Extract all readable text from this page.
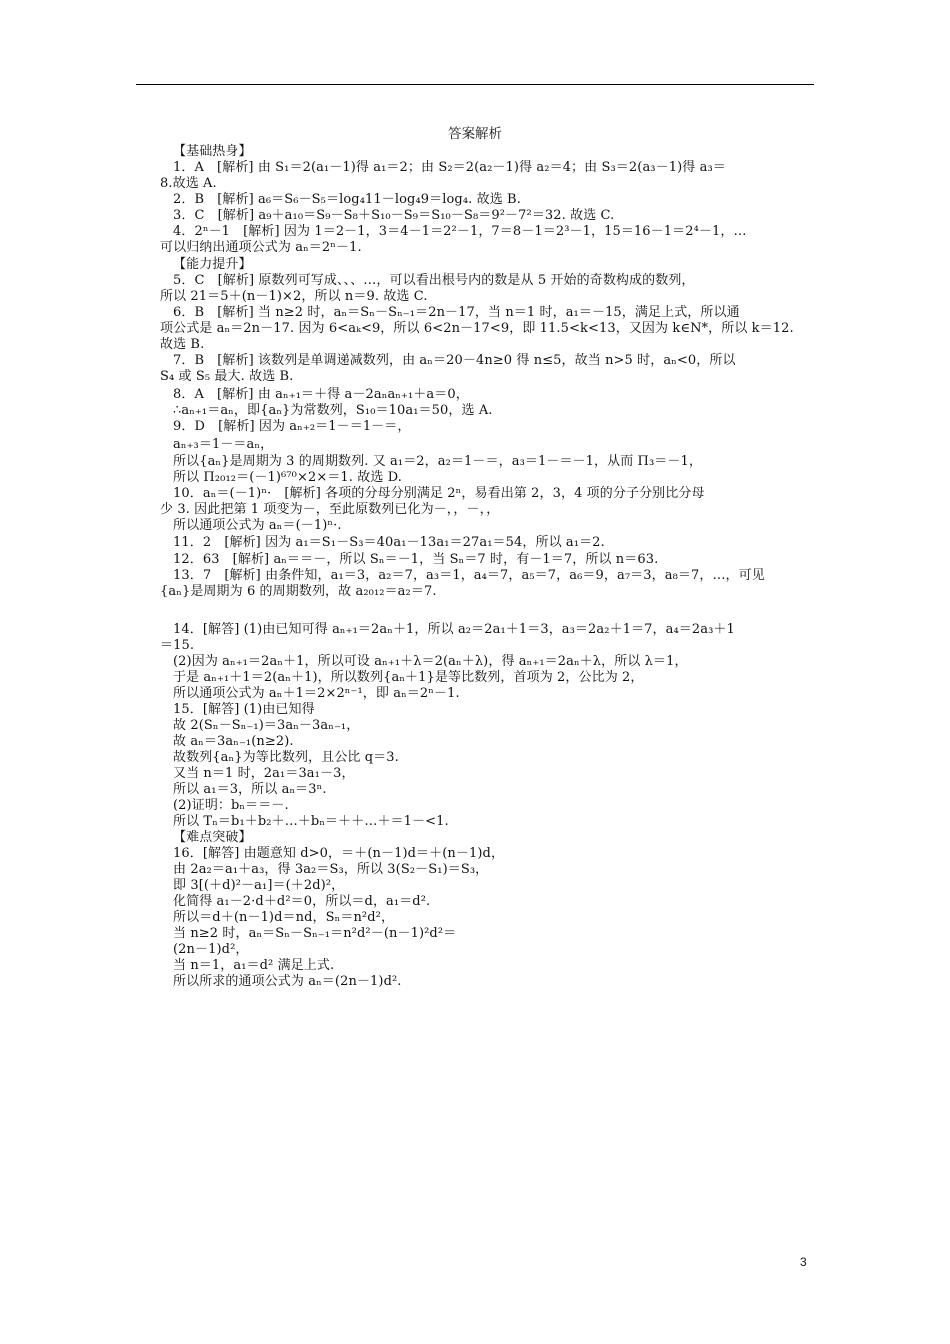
答案解析
【基础热身】
1．A　[解析] 由 S₁＝2(a₁－1)得 a₁＝2；由 S₂＝2(a₂－1)得 a₂＝4；由 S₃＝2(a₃－1)得 a₃＝
8.故选 A.
2．B　[解析] a₆＝S₆－S₅＝log₄11－log₄9＝log₄. 故选 B.
3．C　[解析] a₉＋a₁₀＝S₉－S₈＋S₁₀－S₉＝S₁₀－S₈＝9²－7²＝32. 故选 C.
4．2ⁿ－1　[解析] 因为 1＝2－1，3＝4－1＝2²－1，7＝8－1＝2³－1，15＝16－1＝2⁴－1，…
可以归纳出通项公式为 aₙ＝2ⁿ－1.
【能力提升】
5．C　[解析] 原数列可写成、、、…，可以看出根号内的数是从 5 开始的奇数构成的数列，
所以 21＝5＋(n－1)×2，所以 n＝9. 故选 C.
6．B　[解析] 当 n≥2 时，aₙ＝Sₙ－Sₙ₋₁＝2n－17，当 n＝1 时，a₁＝－15，满足上式，所以通
项公式是 aₙ＝2n－17. 因为 6<aₖ<9，所以 6<2n－17<9，即 11.5<k<13，又因为 k∈N*，所以 k＝12.
故选 B.
7．B　[解析] 该数列是单调递减数列，由 aₙ＝20－4n≥0 得 n≤5，故当 n>5 时，aₙ<0，所以
S₄ 或 S₅ 最大. 故选 B.
8．A　[解析] 由 aₙ₊₁＝＋得 a－2aₙaₙ₊₁＋a＝0，
∴aₙ₊₁＝aₙ，即{aₙ}为常数列，S₁₀＝10a₁＝50，选 A.
9．D　[解析] 因为 aₙ₊₂＝1－＝1－＝，
aₙ₊₃＝1－＝aₙ，
所以{aₙ}是周期为 3 的周期数列. 又 a₁＝2，a₂＝1－＝，a₃＝1－＝－1，从而 Π₃＝－1，
所以 Π₂₀₁₂＝(－1)⁶⁷⁰×2×＝1. 故选 D.
10．aₙ＝(－1)ⁿ·　[解析] 各项的分母分别满足 2ⁿ，易看出第 2，3，4 项的分子分别比分母
少 3. 因此把第 1 项变为－，至此原数列已化为－，，－，，
所以通项公式为 aₙ＝(－1)ⁿ·.
11．2　[解析] 因为 a₁＝S₁－S₃＝40a₁－13a₁＝27a₁＝54，所以 a₁＝2.
12．63　[解析] aₙ＝＝－，所以 Sₙ＝－1，当 Sₙ＝7 时，有－1＝7，所以 n＝63.
13．7　[解析] 由条件知，a₁＝3，a₂＝7，a₃＝1，a₄＝7，a₅＝7，a₆＝9，a₇＝3，a₈＝7，…，可见
{aₙ}是周期为 6 的周期数列，故 a₂₀₁₂＝a₂＝7.
14．[解答] (1)由已知可得 aₙ₊₁＝2aₙ＋1，所以 a₂＝2a₁＋1＝3，a₃＝2a₂＋1＝7，a₄＝2a₃＋1
＝15.
(2)因为 aₙ₊₁＝2aₙ＋1，所以可设 aₙ₊₁＋λ＝2(aₙ＋λ)，得 aₙ₊₁＝2aₙ＋λ，所以 λ＝1，
于是 aₙ₊₁＋1＝2(aₙ＋1)，所以数列{aₙ＋1}是等比数列，首项为 2，公比为 2，
所以通项公式为 aₙ＋1＝2×2ⁿ⁻¹，即 aₙ＝2ⁿ－1.
15．[解答] (1)由已知得
故 2(Sₙ－Sₙ₋₁)＝3aₙ－3aₙ₋₁，
故 aₙ＝3aₙ₋₁(n≥2).
故数列{aₙ}为等比数列，且公比 q＝3.
又当 n＝1 时，2a₁＝3a₁－3，
所以 a₁＝3，所以 aₙ＝3ⁿ.
(2)证明：bₙ＝＝－.
所以 Tₙ＝b₁＋b₂＋…＋bₙ＝＋＋…＋＝1－<1.
【难点突破】
16．[解答] 由题意知 d>0，＝＋(n－1)d＝＋(n－1)d，
由 2a₂＝a₁＋a₃，得 3a₂＝S₃，所以 3(S₂－S₁)＝S₃，
即 3[(＋d)²－a₁]＝(＋2d)²，
化简得 a₁－2·d＋d²＝0，所以＝d，a₁＝d².
所以＝d＋(n－1)d＝nd，Sₙ＝n²d²，
当 n≥2 时，aₙ＝Sₙ－Sₙ₋₁＝n²d²－(n－1)²d²＝
(2n－1)d²，
当 n＝1，a₁＝d² 满足上式.
所以所求的通项公式为 aₙ＝(2n－1)d².
3
